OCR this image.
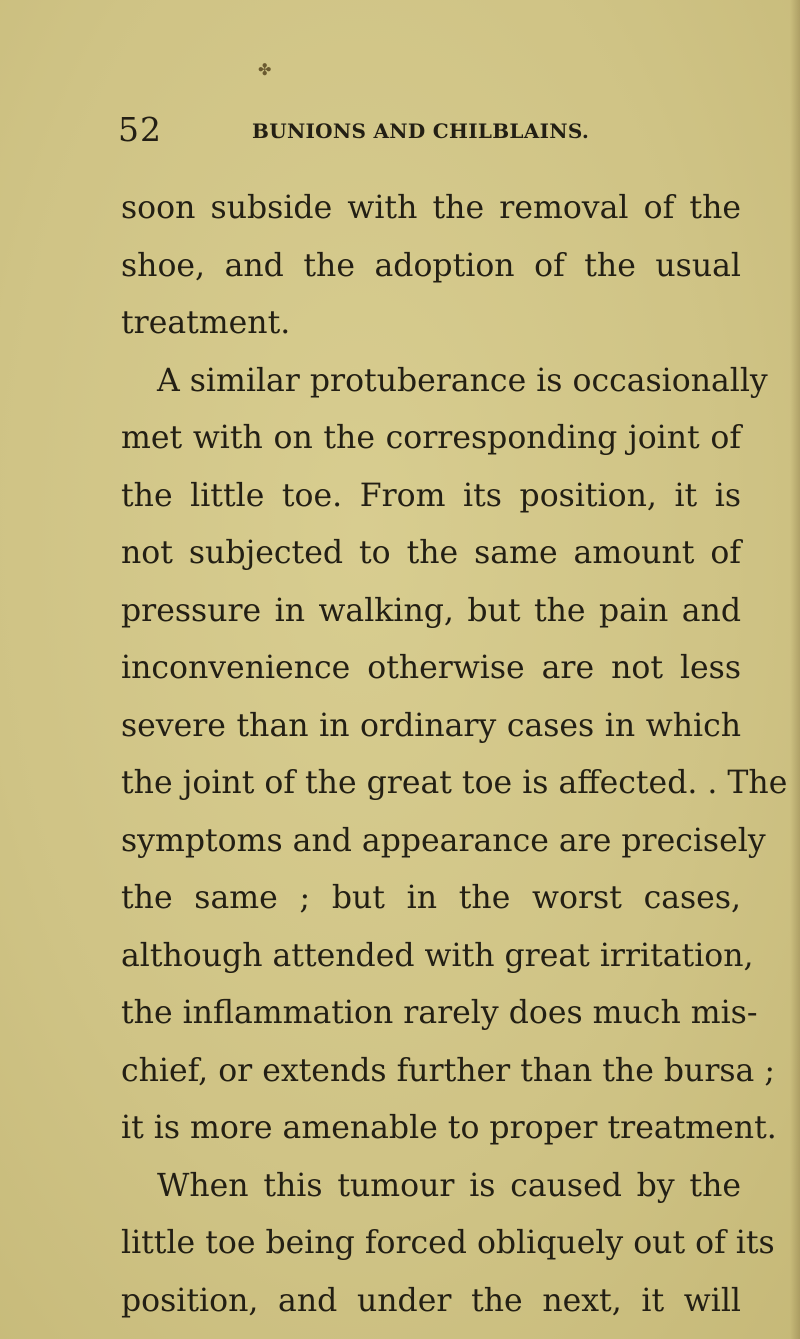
✤
52	BUNIONS AND CHILBLAINS.
soon subside with the removal of the
shoe, and the adoption of the usual
treatment.
A similar protuberance is occasionally
met with on the corresponding joint of
the little toe. From its position, it is
not subjected to the same amount of
pressure in walking, but the pain and
inconvenience otherwise are not less
severe than in ordinary cases in which
the joint of the great toe is affected. . The
symptoms and appearance are precisely
the same ; but in the worst cases,
although attended with great irritation,
the inflammation rarely does much mis-
chief, or extends further than the bursa ;
it is more amenable to proper treatment.
When this tumour is caused by the
little toe being forced obliquely out of its
position, and under the next, it will
